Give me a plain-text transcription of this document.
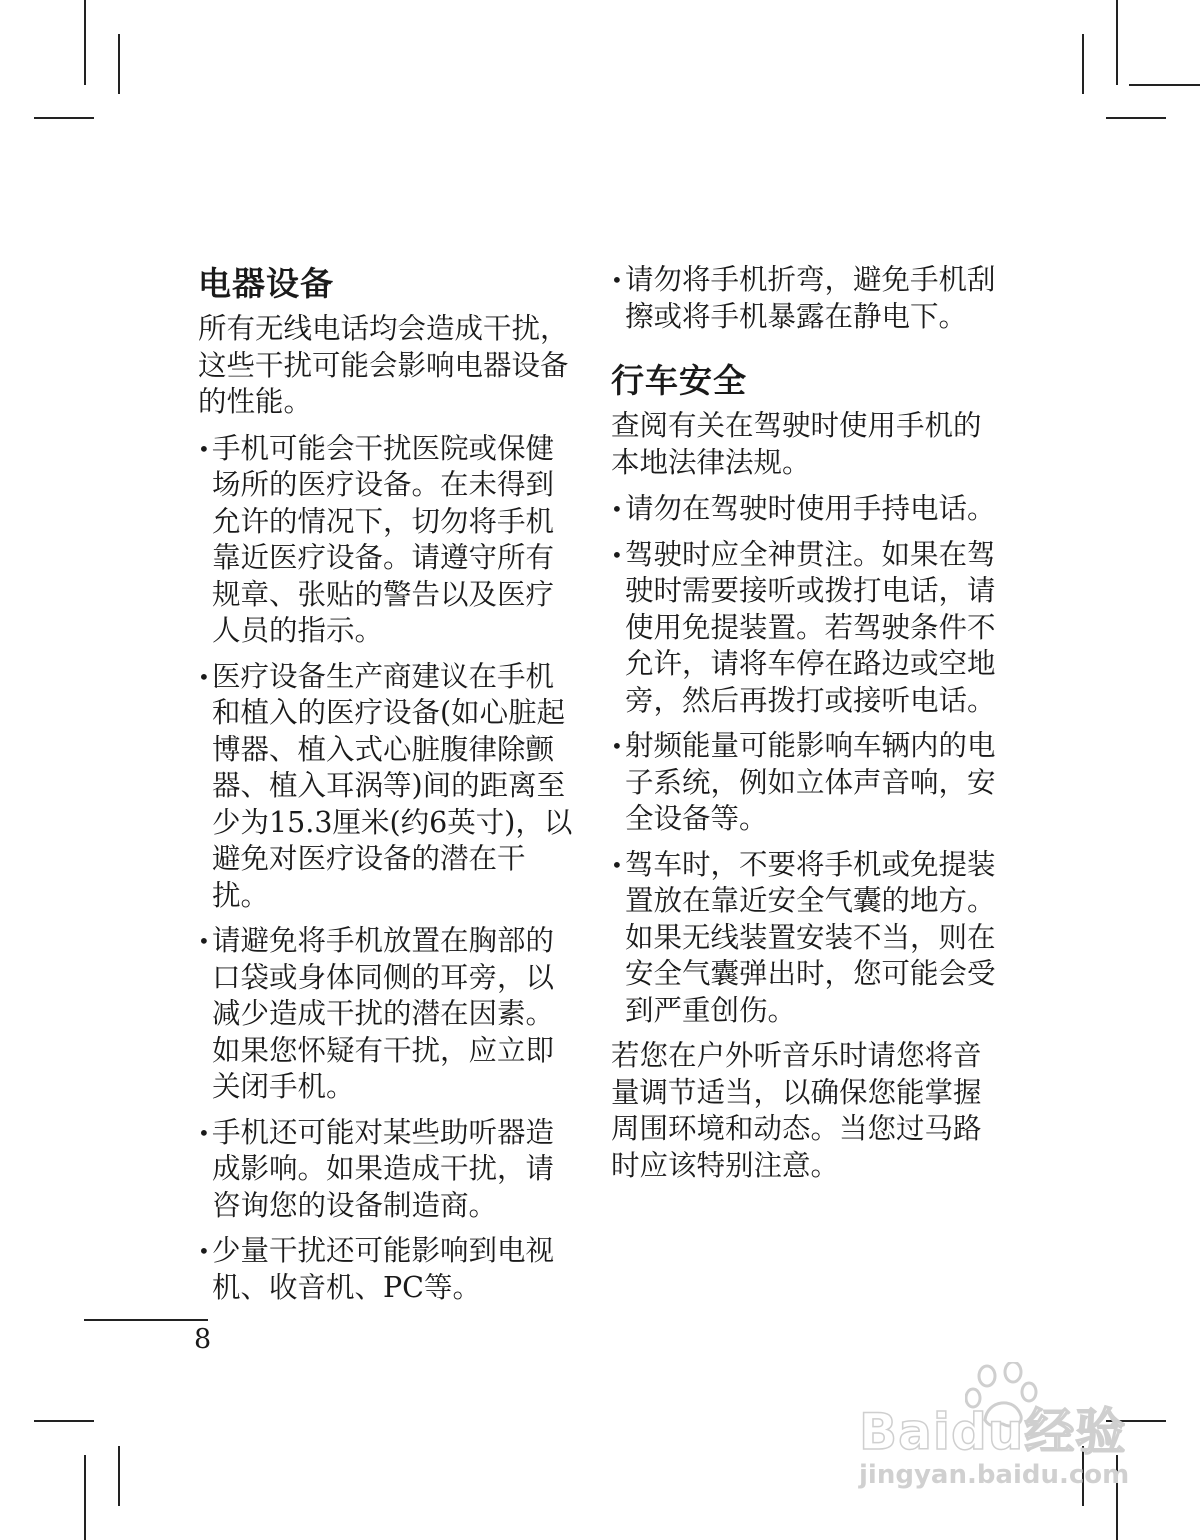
电器设备
所有无线电话均会造成干扰，这些干扰可能会影响电器设备的性能。
• 手机可能会干扰医院或保健场所的医疗设备。在未得到允许的情况下，切勿将手机靠近医疗设备。请遵守所有规章、张贴的警告以及医疗人员的指示。
• 医疗设备生产商建议在手机和植入的医疗设备(如心脏起博器、植入式心脏腹律除颤器、植入耳涡等)间的距离至少为15.3厘米(约6英寸)，以避免对医疗设备的潜在干扰。
• 请避免将手机放置在胸部的口袋或身体同侧的耳旁，以减少造成干扰的潜在因素。如果您怀疑有干扰，应立即关闭手机。
• 手机还可能对某些助听器造成影响。如果造成干扰，请咨询您的设备制造商。
• 少量干扰还可能影响到电视机、收音机、PC等。
• 请勿将手机折弯，避免手机刮擦或将手机暴露在静电下。
行车安全
查阅有关在驾驶时使用手机的本地法律法规。
• 请勿在驾驶时使用手持电话。
• 驾驶时应全神贯注。如果在驾驶时需要接听或拨打电话，请使用免提装置。若驾驶条件不允许，请将车停在路边或空地旁，然后再拨打或接听电话。
• 射频能量可能影响车辆内的电子系统，例如立体声音响，安全设备等。
• 驾车时，不要将手机或免提装置放在靠近安全气囊的地方。如果无线装置安装不当，则在安全气囊弹出时，您可能会受到严重创伤。
若您在户外听音乐时请您将音量调节适当，以确保您能掌握周围环境和动态。当您过马路时应该特别注意。
8
Baidu经验
jingyan.baidu.com
